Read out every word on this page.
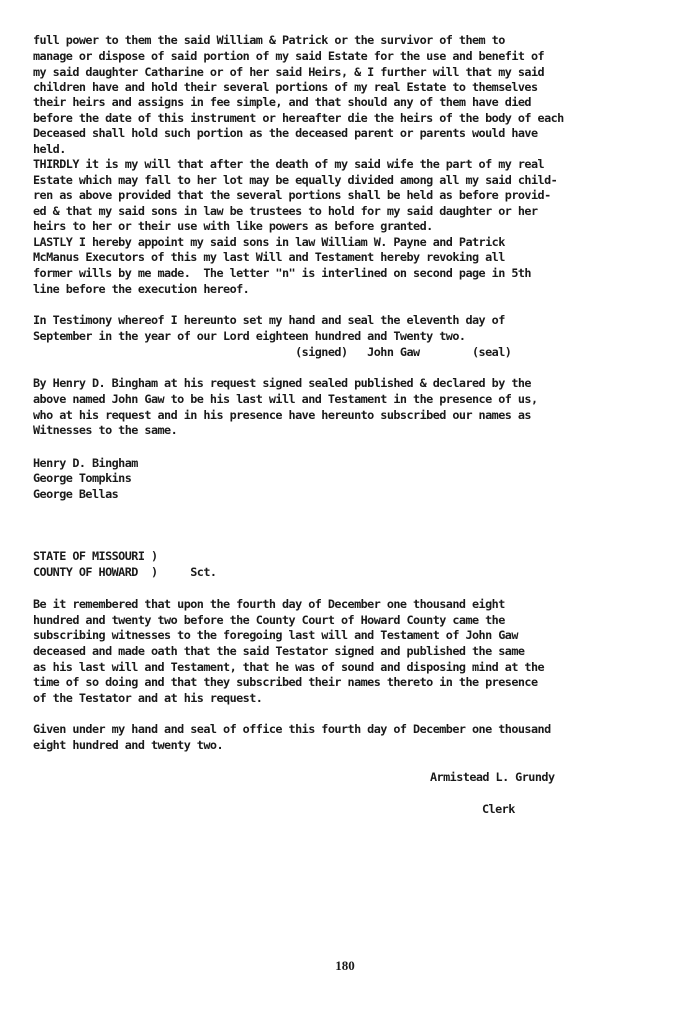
full power to them the said William & Patrick or the survivor of them to
manage or dispose of said portion of my said Estate for the use and benefit of
my said daughter Catharine or of her said Heirs, & I further will that my said
children have and hold their several portions of my real Estate to themselves
their heirs and assigns in fee simple, and that should any of them have died
before the date of this instrument or hereafter die the heirs of the body of each
Deceased shall hold such portion as the deceased parent or parents would have
held.
THIRDLY it is my will that after the death of my said wife the part of my real
Estate which may fall to her lot may be equally divided among all my said child-
ren as above provided that the several portions shall be held as before provid-
ed & that my said sons in law be trustees to hold for my said daughter or her
heirs to her or their use with like powers as before granted.
LASTLY I hereby appoint my said sons in law William W. Payne and Patrick
McManus Executors of this my last Will and Testament hereby revoking all
former wills by me made.  The letter "n" is interlined on second page in 5th
line before the execution hereof.
In Testimony whereof I hereunto set my hand and seal the eleventh day of
September in the year of our Lord eighteen hundred and Twenty two.
(signed)   John Gaw        (seal)
By Henry D. Bingham at his request signed sealed published & declared by the
above named John Gaw to be his last will and Testament in the presence of us,
who at his request and in his presence have hereunto subscribed our names as
Witnesses to the same.
Henry D. Bingham
George Tompkins
George Bellas
STATE OF MISSOURI )
COUNTY OF HOWARD  )     Sct.
Be it remembered that upon the fourth day of December one thousand eight
hundred and twenty two before the County Court of Howard County came the
subscribing witnesses to the foregoing last will and Testament of John Gaw
deceased and made oath that the said Testator signed and published the same
as his last will and Testament, that he was of sound and disposing mind at the
time of so doing and that they subscribed their names thereto in the presence
of the Testator and at his request.
Given under my hand and seal of office this fourth day of December one thousand
eight hundred and twenty two.
Armistead L. Grundy
Clerk
180
